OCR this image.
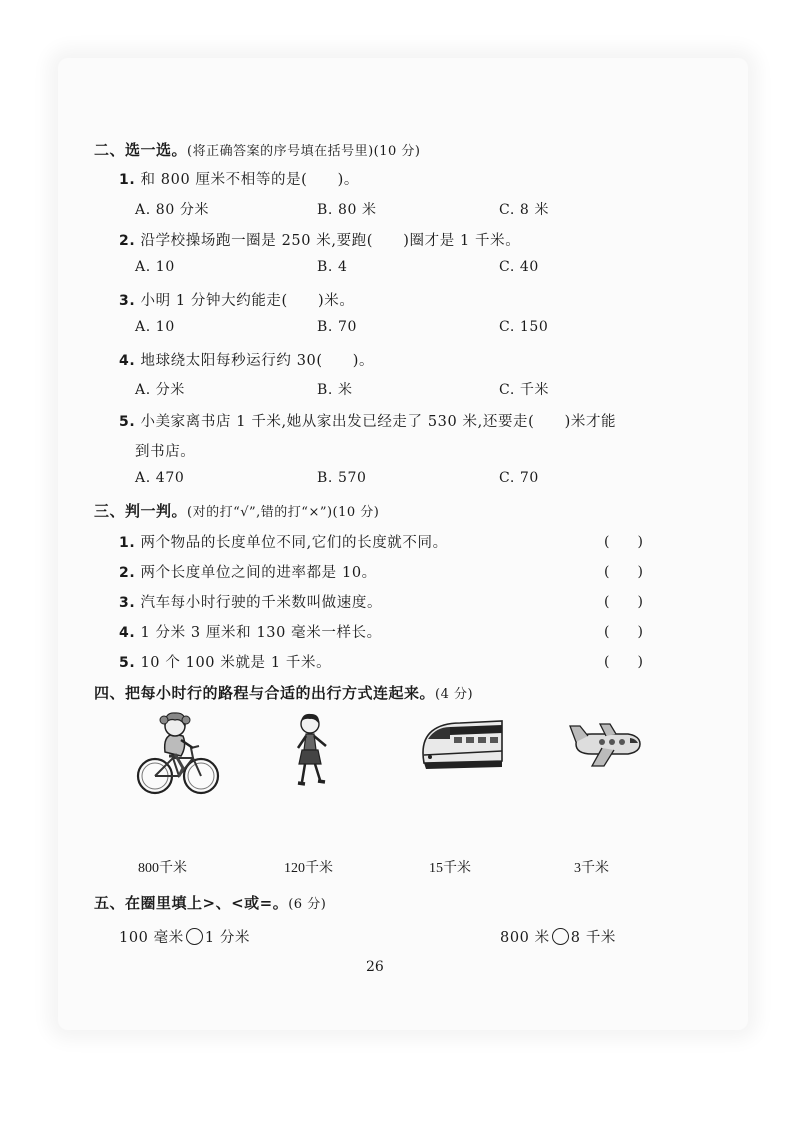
二、选一选。(将正确答案的序号填在括号里)(10 分)
1. 和 800 厘米不相等的是(　　)。
A. 80 分米	B. 80 米	C. 8 米
2. 沿学校操场跑一圈是 250 米,要跑(　　)圈才是 1 千米。
A. 10	B. 4	C. 40
3. 小明 1 分钟大约能走(　　)米。
A. 10	B. 70	C. 150
4. 地球绕太阳每秒运行约 30(　　)。
A. 分米	B. 米	C. 千米
5. 小美家离书店 1 千米,她从家出发已经走了 530 米,还要走(　　)米才能
到书店。
A. 470	B. 570	C. 70
三、判一判。(对的打“√”,错的打“×”)(10 分)
1. 两个物品的长度单位不同,它们的长度就不同。	(　　)
2. 两个长度单位之间的进率都是 10。	(　　)
3. 汽车每小时行驶的千米数叫做速度。	(　　)
4. 1 分米 3 厘米和 130 毫米一样长。	(　　)
5. 10 个 100 米就是 1 千米。	(　　)
四、把每小时行的路程与合适的出行方式连起来。(4 分)
800千米	120千米	15千米	3千米
五、在圈里填上>、<或=。(6 分)
100 毫米 1 分米	800 米 8 千米
26
